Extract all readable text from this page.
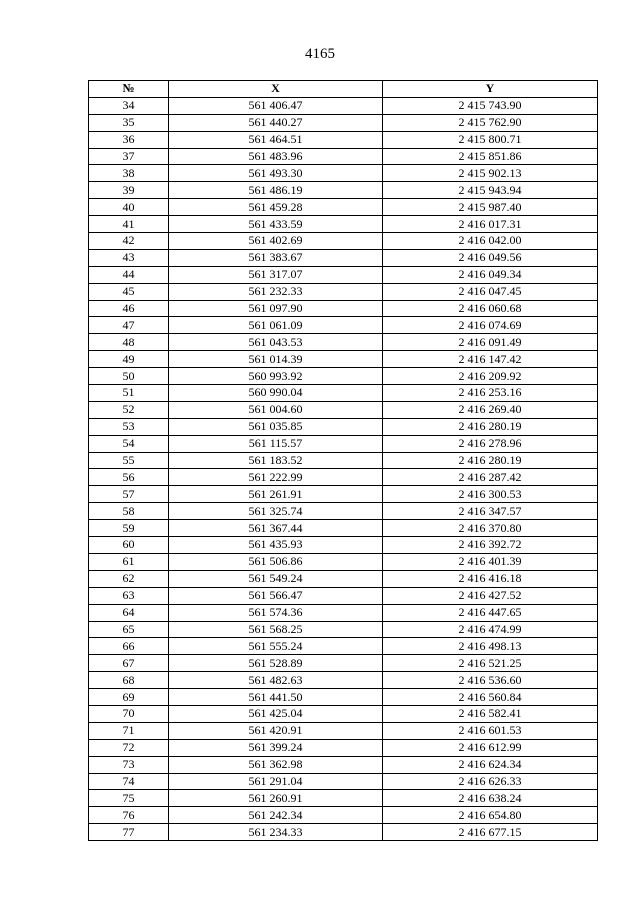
4165
№	X	Y
34	561 406.47	2 415 743.90
35	561 440.27	2 415 762.90
36	561 464.51	2 415 800.71
37	561 483.96	2 415 851.86
38	561 493.30	2 415 902.13
39	561 486.19	2 415 943.94
40	561 459.28	2 415 987.40
41	561 433.59	2 416 017.31
42	561 402.69	2 416 042.00
43	561 383.67	2 416 049.56
44	561 317.07	2 416 049.34
45	561 232.33	2 416 047.45
46	561 097.90	2 416 060.68
47	561 061.09	2 416 074.69
48	561 043.53	2 416 091.49
49	561 014.39	2 416 147.42
50	560 993.92	2 416 209.92
51	560 990.04	2 416 253.16
52	561 004.60	2 416 269.40
53	561 035.85	2 416 280.19
54	561 115.57	2 416 278.96
55	561 183.52	2 416 280.19
56	561 222.99	2 416 287.42
57	561 261.91	2 416 300.53
58	561 325.74	2 416 347.57
59	561 367.44	2 416 370.80
60	561 435.93	2 416 392.72
61	561 506.86	2 416 401.39
62	561 549.24	2 416 416.18
63	561 566.47	2 416 427.52
64	561 574.36	2 416 447.65
65	561 568.25	2 416 474.99
66	561 555.24	2 416 498.13
67	561 528.89	2 416 521.25
68	561 482.63	2 416 536.60
69	561 441.50	2 416 560.84
70	561 425.04	2 416 582.41
71	561 420.91	2 416 601.53
72	561 399.24	2 416 612.99
73	561 362.98	2 416 624.34
74	561 291.04	2 416 626.33
75	561 260.91	2 416 638.24
76	561 242.34	2 416 654.80
77	561 234.33	2 416 677.15
